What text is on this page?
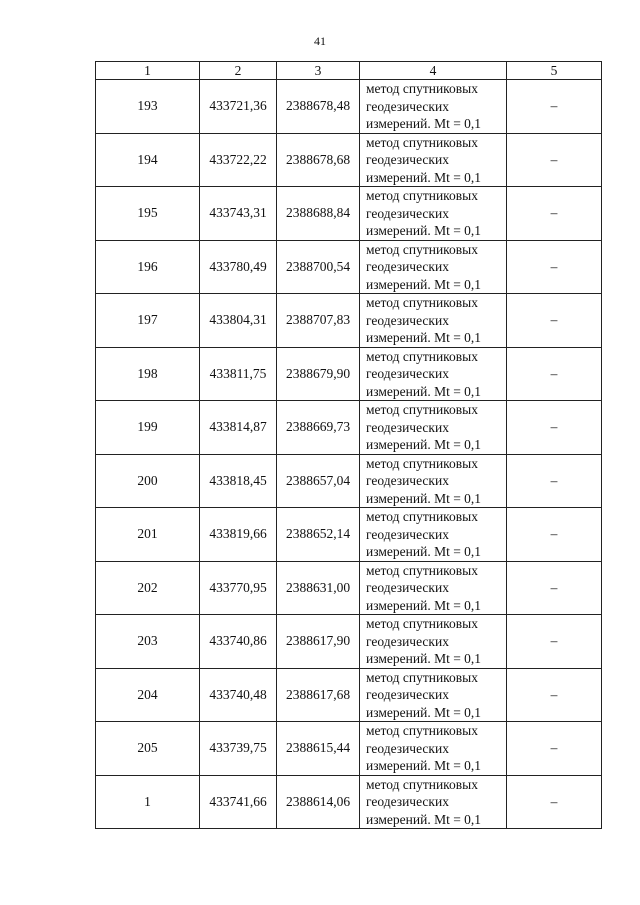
41
1	2	3	4	5
193	433721,36	2388678,48	метод спутниковых
геодезических
измерений. Mt = 0,1	–
194	433722,22	2388678,68	метод спутниковых
геодезических
измерений. Mt = 0,1	–
195	433743,31	2388688,84	метод спутниковых
геодезических
измерений. Mt = 0,1	–
196	433780,49	2388700,54	метод спутниковых
геодезических
измерений. Mt = 0,1	–
197	433804,31	2388707,83	метод спутниковых
геодезических
измерений. Mt = 0,1	–
198	433811,75	2388679,90	метод спутниковых
геодезических
измерений. Mt = 0,1	–
199	433814,87	2388669,73	метод спутниковых
геодезических
измерений. Mt = 0,1	–
200	433818,45	2388657,04	метод спутниковых
геодезических
измерений. Mt = 0,1	–
201	433819,66	2388652,14	метод спутниковых
геодезических
измерений. Mt = 0,1	–
202	433770,95	2388631,00	метод спутниковых
геодезических
измерений. Mt = 0,1	–
203	433740,86	2388617,90	метод спутниковых
геодезических
измерений. Mt = 0,1	–
204	433740,48	2388617,68	метод спутниковых
геодезических
измерений. Mt = 0,1	–
205	433739,75	2388615,44	метод спутниковых
геодезических
измерений. Mt = 0,1	–
1	433741,66	2388614,06	метод спутниковых
геодезических
измерений. Mt = 0,1	–
